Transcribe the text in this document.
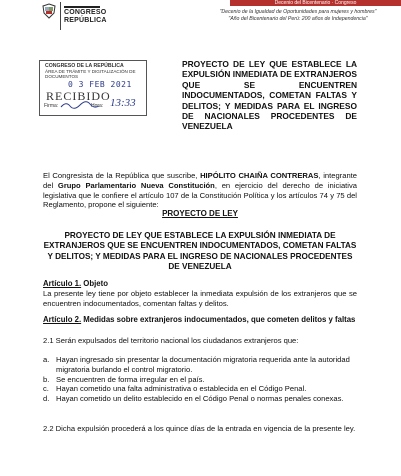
CONGRESO
REPÚBLICA
Decenio del Bicentenario · Congreso
"Decenio de la Igualdad de Oportunidades para mujeres y hombres"
"Año del Bicentenario del Perú: 200 años de Independencia"
CONGRESO DE LA REPÚBLICA
ÁREA DE TRÁMITE Y DIGITALIZACIÓN DE DOCUMENTOS
0 3 FEB 2021
RECIBIDO
Firma:	Hora: 13:33
PROYECTO DE LEY QUE ESTABLECE LA EXPULSIÓN INMEDIATA DE EXTRANJEROS QUE SE ENCUENTREN INDOCUMENTADOS, COMETAN FALTAS Y DELITOS; Y MEDIDAS PARA EL INGRESO DE NACIONALES PROCEDENTES DE VENEZUELA
El Congresista de la República que suscribe, HIPÓLITO CHAIÑA CONTRERAS, integrante del Grupo Parlamentario Nueva Constitución, en ejercicio del derecho de iniciativa legislativa que le confiere el artículo 107 de la Constitución Política y los artículos 74 y 75 del Reglamento, propone el siguiente:
PROYECTO DE LEY
PROYECTO DE LEY QUE ESTABLECE LA EXPULSIÓN INMEDIATA DE EXTRANJEROS QUE SE ENCUENTREN INDOCUMENTADOS, COMETAN FALTAS Y DELITOS; Y MEDIDAS PARA EL INGRESO DE NACIONALES PROCEDENTES DE VENEZUELA
Artículo 1. Objeto
La presente ley tiene por objeto establecer la inmediata expulsión de los extranjeros que se encuentren indocumentados, comentan faltas y delitos.
Artículo 2. Medidas sobre extranjeros indocumentados, que cometen delitos y faltas
2.1 Serán expulsados del territorio nacional los ciudadanos extranjeros que:
a. Hayan ingresado sin presentar la documentación migratoria requerida ante la autoridad migratoria burlando el control migratorio.
b. Se encuentren de forma irregular en el país.
c. Hayan cometido una falta administrativa o establecida en el Código Penal.
d. Hayan cometido un delito establecido en el Código Penal o normas penales conexas.
2.2 Dicha expulsión procederá a los quince días de la entrada en vigencia de la presente ley.
